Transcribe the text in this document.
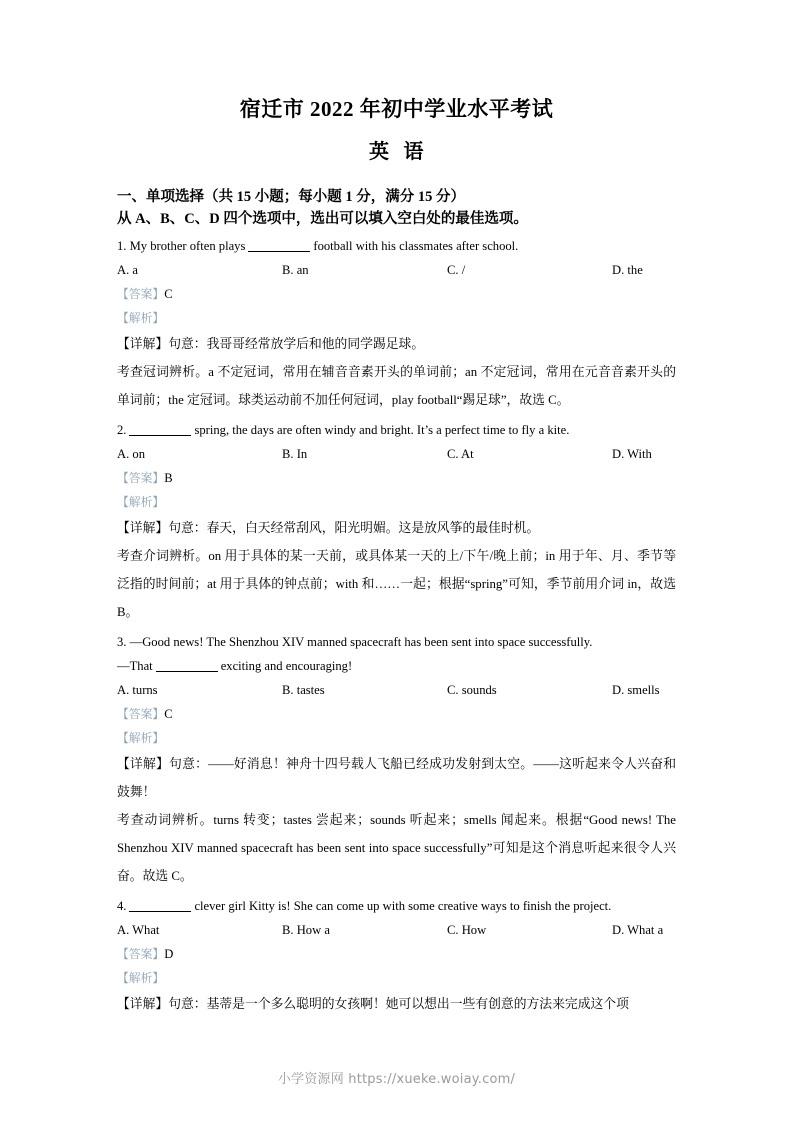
宿迁市 2022 年初中学业水平考试
英 语
一、单项选择（共 15 小题；每小题 1 分，满分 15 分）
从 A、B、C、D 四个选项中，选出可以填入空白处的最佳选项。
1. My brother often plays	football with his classmates after school.
A. a	B. an	C. /	D. the
【答案】C
【解析】
【详解】句意：我哥哥经常放学后和他的同学踢足球。
考查冠词辨析。a 不定冠词，常用在辅音音素开头的单词前；an 不定冠词，常用在元音音素开头的单词前；the 定冠词。球类运动前不加任何冠词，play football“踢足球”，故选 C。
2.	spring, the days are often windy and bright. It’s a perfect time to fly a kite.
A. on	B. In	C. At	D. With
【答案】B
【解析】
【详解】句意：春天，白天经常刮风，阳光明媚。这是放风筝的最佳时机。
考查介词辨析。on 用于具体的某一天前，或具体某一天的上/下午/晚上前；in 用于年、月、季节等泛指的时间前；at 用于具体的钟点前；with 和……一起；根据“spring”可知，季节前用介词 in，故选 B。
3. —Good news! The Shenzhou XIV manned spacecraft has been sent into space successfully.
—That	exciting and encouraging!
A. turns	B. tastes	C. sounds	D. smells
【答案】C
【解析】
【详解】句意：——好消息！神舟十四号载人飞船已经成功发射到太空。——这听起来令人兴奋和鼓舞！
考查动词辨析。turns 转变；tastes 尝起来；sounds 听起来；smells 闻起来。根据“Good news! The Shenzhou XIV manned spacecraft has been sent into space successfully”可知是这个消息听起来很令人兴奋。故选 C。
4.	clever girl Kitty is! She can come up with some creative ways to finish the project.
A. What	B. How a	C. How	D. What a
【答案】D
【解析】
【详解】句意：基蒂是一个多么聪明的女孩啊！她可以想出一些有创意的方法来完成这个项
小学资源网 https://xueke.woiay.com/
